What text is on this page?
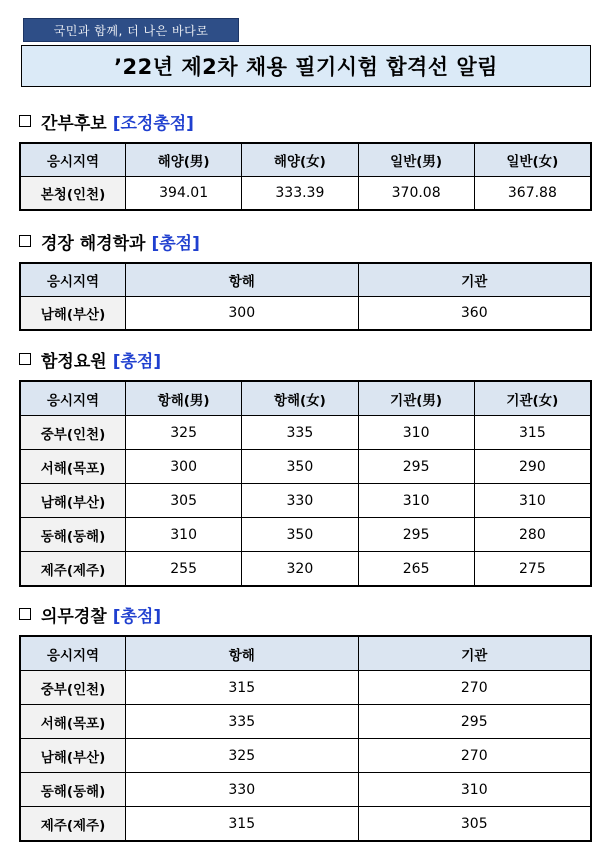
국민과 함께, 더 나은 바다로
’22년 제2차 채용 필기시험 합격선 알림
간부후보 [조정총점]
응시지역	해양(男)	해양(女)	일반(男)	일반(女)
본청(인천)	394.01	333.39	370.08	367.88
경장 해경학과 [총점]
응시지역	항해	기관
남해(부산)	300	360
함정요원 [총점]
응시지역	항해(男)	항해(女)	기관(男)	기관(女)
중부(인천)	325	335	310	315
서해(목포)	300	350	295	290
남해(부산)	305	330	310	310
동해(동해)	310	350	295	280
제주(제주)	255	320	265	275
의무경찰 [총점]
응시지역	항해	기관
중부(인천)	315	270
서해(목포)	335	295
남해(부산)	325	270
동해(동해)	330	310
제주(제주)	315	305
